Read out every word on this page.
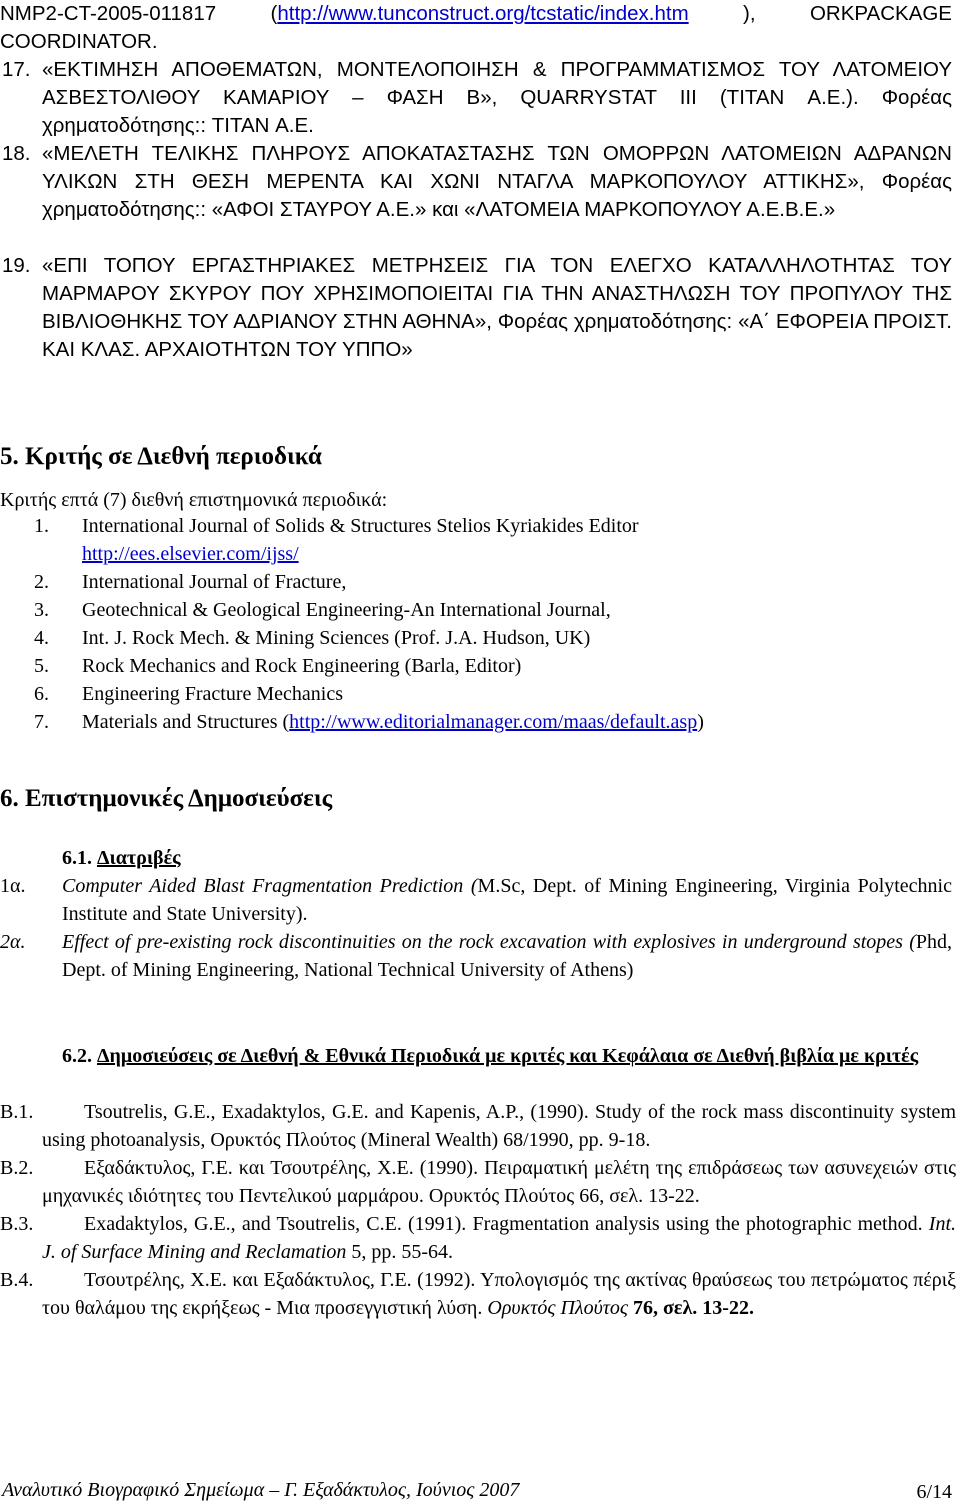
NMP2-CT-2005-011817 (http://www.tunconstruct.org/tcstatic/index.htm ), ORKPACKAGE COORDINATOR.

17. «ΕΚΤΙΜΗΣΗ ΑΠΟΘΕΜΑΤΩΝ, ΜΟΝΤΕΛΟΠΟΙΗΣΗ & ΠΡΟΓΡΑΜΜΑΤΙΣΜΟΣ ΤΟΥ ΛΑΤΟΜΕΙΟΥ ΑΣΒΕΣΤΟΛΙΘΟΥ ΚΑΜΑΡΙΟΥ – ΦΑΣΗ Β», QUARRYSTAT III (TITAN Α.Ε.). Φορέας χρηματοδότησης:: TITAN Α.Ε.

18. «ΜΕΛΕΤΗ ΤΕΛΙΚΗΣ ΠΛΗΡΟΥΣ ΑΠΟΚΑΤΑΣΤΑΣΗΣ ΤΩΝ ΟΜΟΡΡΩΝ ΛΑΤΟΜΕΙΩΝ ΑΔΡΑΝΩΝ ΥΛΙΚΩΝ ΣΤΗ ΘΕΣΗ ΜΕΡΕΝΤΑ ΚΑΙ ΧΩΝΙ ΝΤΑΓΛΑ ΜΑΡΚΟΠΟΥΛΟΥ ΑΤΤΙΚΗΣ», Φορέας χρηματοδότησης:: «ΑΦΟΙ ΣΤΑΥΡΟΥ Α.Ε.» και «ΛΑΤΟΜΕΙΑ ΜΑΡΚΟΠΟΥΛΟΥ Α.Ε.Β.Ε.»

19. «ΕΠΙ ΤΟΠΟΥ ΕΡΓΑΣΤΗΡΙΑΚΕΣ ΜΕΤΡΗΣΕΙΣ ΓΙΑ ΤΟΝ ΕΛΕΓΧΟ ΚΑΤΑΛΛΗΛΟΤΗΤΑΣ ΤΟΥ ΜΑΡΜΑΡΟΥ ΣΚΥΡΟΥ ΠΟΥ ΧΡΗΣΙΜΟΠΟΙΕΙΤΑΙ ΓΙΑ ΤΗΝ ΑΝΑΣΤΗΛΩΣΗ ΤΟΥ ΠΡΟΠΥΛΟΥ ΤΗΣ ΒΙΒΛΙΟΘΗΚΗΣ ΤΟΥ ΑΔΡΙΑΝΟΥ ΣΤΗΝ ΑΘΗΝΑ», Φορέας χρηματοδότησης: «Α΄ ΕΦΟΡΕΙΑ ΠΡΟΙΣΤ. ΚΑΙ ΚΛΑΣ. ΑΡΧΑΙΟΤΗΤΩΝ ΤΟΥ ΥΠΠΟ»

5. Κριτής σε Διεθνή περιοδικά
Κριτής επτά (7) διεθνή επιστημονικά περιοδικά:
1. International Journal of Solids & Structures Stelios Kyriakides Editor
http://ees.elsevier.com/ijss/
2. International Journal of Fracture,
3. Geotechnical & Geological Engineering-An International Journal,
4. Int. J. Rock Mech. & Mining Sciences (Prof. J.A. Hudson, UK)
5. Rock Mechanics and Rock Engineering (Barla, Editor)
6. Engineering Fracture Mechanics
7. Materials and Structures (http://www.editorialmanager.com/maas/default.asp)
6. Επιστημονικές Δημοσιεύσεις
6.1. Διατριβές
1α. Computer Aided Blast Fragmentation Prediction (M.Sc, Dept. of Mining Engineering, Virginia Polytechnic Institute and State University).
2α. Effect of pre-existing rock discontinuities on the rock excavation with explosives in underground stopes (Phd, Dept. of Mining Engineering, National Technical University of Athens)
6.2. Δημοσιεύσεις σε Διεθνή & Εθνικά Περιοδικά με κριτές και Κεφάλαια σε Διεθνή βιβλία με κριτές

B.1.	Tsoutrelis, G.E., Exadaktylos, G.E. and Kapenis, A.P., (1990). Study of the rock mass discontinuity system using photoanalysis, Ορυκτός Πλούτος (Mineral Wealth) 68/1990, pp. 9-18.

B.2.	Εξαδάκτυλος, Γ.Ε. και Τσουτρέλης, Χ.Ε. (1990). Πειραματική μελέτη της επιδράσεως των ασυνεχειών στις μηχανικές ιδιότητες του Πεντελικού μαρμάρου. Ορυκτός Πλούτος 66, σελ. 13-22.

B.3.	Exadaktylos, G.E., and Tsoutrelis, C.E. (1991). Fragmentation analysis using the photographic method. Int. J. of Surface Mining and Reclamation 5, pp. 55-64.

B.4.	Τσουτρέλης, Χ.Ε. και Εξαδάκτυλος, Γ.Ε. (1992). Υπολογισμός της ακτίνας θραύσεως του πετρώματος πέριξ του θαλάμου της εκρήξεως - Μια προσεγγιστική λύση. Ορυκτός Πλούτος 76, σελ. 13-22.

Αναλυτικό Βιογραφικό Σημείωμα – Γ. Εξαδάκτυλος, Ιούνιος 2007	6/14
